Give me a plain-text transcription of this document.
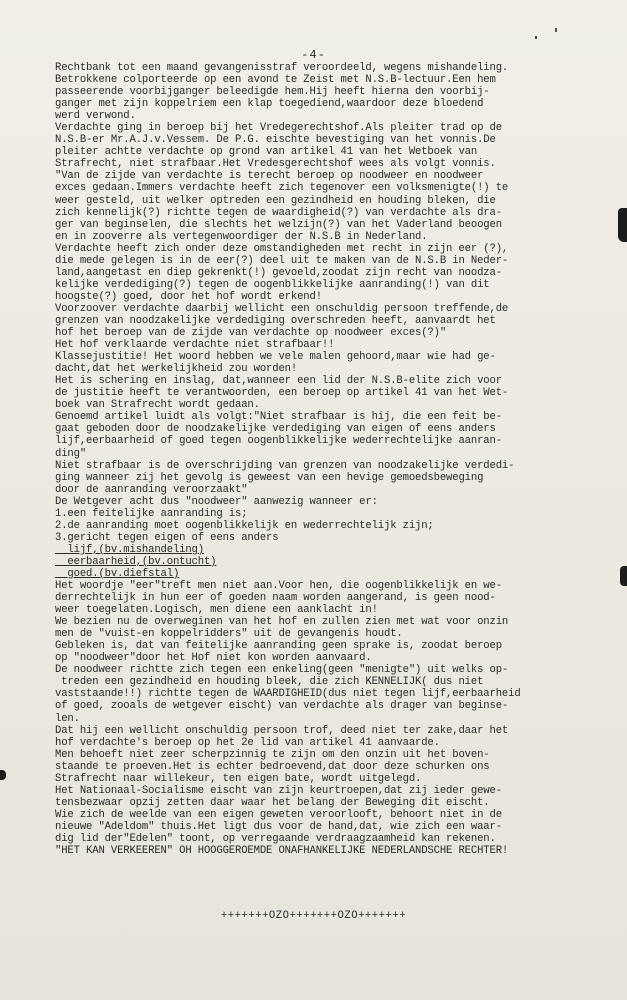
-4-
Rechtbank tot een maand gevangenisstraf veroordeeld, wegens mishandeling.
Betrokkene colporteerde op een avond te Zeist met N.S.B-lectuur.Een hem
passeerende voorbijganger beleedigde hem.Hij heeft hierna den voorbij-
ganger met zijn koppelriem een klap toegediend,waardoor deze bloedend
werd verwond.
Verdachte ging in beroep bij het Vredegerechtshof.Als pleiter trad op de
N.S.B-er Mr.A.J.v.Vessem. De P.G. eischte bevestiging van het vonnis.De
pleiter achtte verdachte op grond van artikel 41 van het Wetboek van
Strafrecht, niet strafbaar.Het Vredesgerechtshof wees als volgt vonnis.
"Van de zijde van verdachte is terecht beroep op noodweer en noodweer
exces gedaan.Immers verdachte heeft zich tegenover een volksmenigte(!) te
weer gesteld, uit welker optreden een gezindheid en houding bleken, die
zich kennelijk(?) richtte tegen de waardigheid(?) van verdachte als dra-
ger van beginselen, die slechts het welzijn(?) van het Vaderland beoogen
en in zooverre als vertegenwoordiger der N.S.B in Nederland.
Verdachte heeft zich onder deze omstandigheden met recht in zijn eer (?),
die mede gelegen is in de eer(?) deel uit te maken van de N.S.B in Neder-
land,aangetast en diep gekrenkt(!) gevoeld,zoodat zijn recht van noodza-
kelijke verdediging(?) tegen de oogenblikkelijke aanranding(!) van dit
hoogste(?) goed, door het hof wordt erkend!
Voorzoover verdachte daarbij wellicht een onschuldig persoon treffende,de
grenzen van noodzakelijke verdediging overschreden heeft, aanvaardt het
hof het beroep van de zijde van verdachte op noodweer exces(?)"
Het hof verklaarde verdachte niet strafbaar!!
Klassejustitie! Het woord hebben we vele malen gehoord,maar wie had ge-
dacht,dat het werkelijkheid zou worden!
Het is schering en inslag, dat,wanneer een lid der N.S.B-elite zich voor
de justitie heeft te verantwoorden, een beroep op artikel 41 van het Wet-
boek van Strafrecht wordt gedaan.
Genoemd artikel luidt als volgt:"Niet strafbaar is hij, die een feit be-
gaat geboden door de noodzakelijke verdediging van eigen of eens anders
lijf,eerbaarheid of goed tegen oogenblikkelijke wederrechtelijke aanran-
ding"
Niet strafbaar is de overschrijding van grenzen van noodzakelijke verdedi-
ging wanneer zij het gevolg is geweest van een hevige gemoedsbeweging
door de aanranding veroorzaakt"
De Wetgever acht dus "noodweer" aanwezig wanneer er:
1.een feitelijke aanranding is;
2.de aanranding moet oogenblikkelijk en wederrechtelijk zijn;
3.gericht tegen eigen of eens anders
lijf,(bv.mishandeling)
eerbaarheid,(bv.ontucht)
goed.(bv.diefstal)
Het woordje "eer"treft men niet aan.Voor hen, die oogenblikkelijk en we-
derrechtelijk in hun eer of goeden naam worden aangerand, is geen nood-
weer toegelaten.Logisch, men diene een aanklacht in!
We bezien nu de overweginen van het hof en zullen zien met wat voor onzin
men de "vuist-en koppelridders" uit de gevangenis houdt.
Gebleken is, dat van feitelijke aanranding geen sprake is, zoodat beroep
op "noodweer"door het Hof niet kon worden aanvaard.
De noodweer richtte zich tegen een enkeling(geen "menigte") uit welks op-
treden een gezindheid en houding bleek, die zich KENNELIJK( dus niet
vaststaande!!) richtte tegen de WAARDIGHEID(dus niet tegen lijf,eerbaarheid
of goed, zooals de wetgever eischt) van verdachte als drager van beginse-
len.
Dat hij een wellicht onschuldig persoon trof, deed niet ter zake,daar het
hof verdachte's beroep op het 2e lid van artikel 41 aanvaarde.
Men behoeft niet zeer scherpzinnig te zijn om den onzin uit het boven-
staande te proeven.Het is echter bedroevend,dat door deze schurken ons
Strafrecht naar willekeur, ten eigen bate, wordt uitgelegd.
Het Nationaal-Socialisme eischt van zijn keurtroepen,dat zij ieder gewe-
tensbezwaar opzij zetten daar waar het belang der Beweging dit eischt.
Wie zich de weelde van een eigen geweten veroorlooft, behoort niet in de
nieuwe "Adeldom" thuis.Het ligt dus voor de hand,dat, wie zich een waar-
dig lid der"Edelen" toont, op verregaande verdraagzaamheid kan rekenen.
"HET KAN VERKEEREN" OH HOOGGEROEMDE ONAFHANKELIJKE NEDERLANDSCHE RECHTER!
+++++++OZO+++++++OZO+++++++
